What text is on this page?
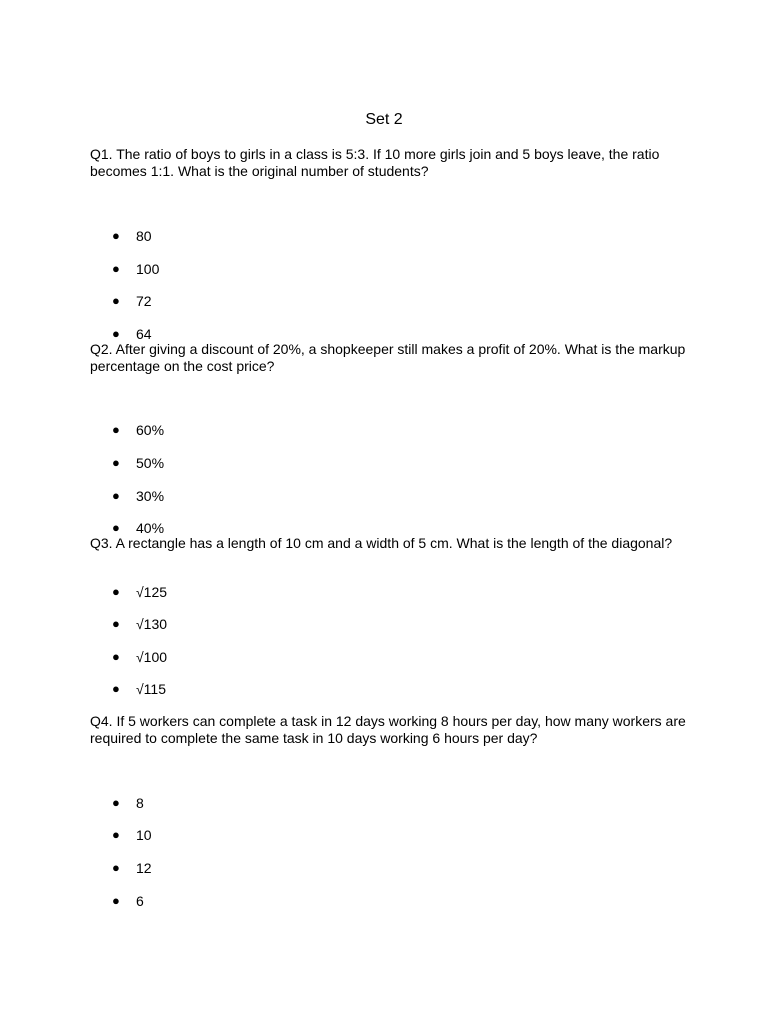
Set 2

Q1. The ratio of boys to girls in a class is 5:3. If 10 more girls join and 5 boys leave, the ratio becomes 1:1. What is the original number of students?

● 80
● 100
● 72
● 64

Q2. After giving a discount of 20%, a shopkeeper still makes a profit of 20%. What is the markup percentage on the cost price?

● 60%
● 50%
● 30%
● 40%

Q3. A rectangle has a length of 10 cm and a width of 5 cm. What is the length of the diagonal?

● √125
● √130
● √100
● √115

Q4. If 5 workers can complete a task in 12 days working 8 hours per day, how many workers are required to complete the same task in 10 days working 6 hours per day?

● 8
● 10
● 12
● 6
